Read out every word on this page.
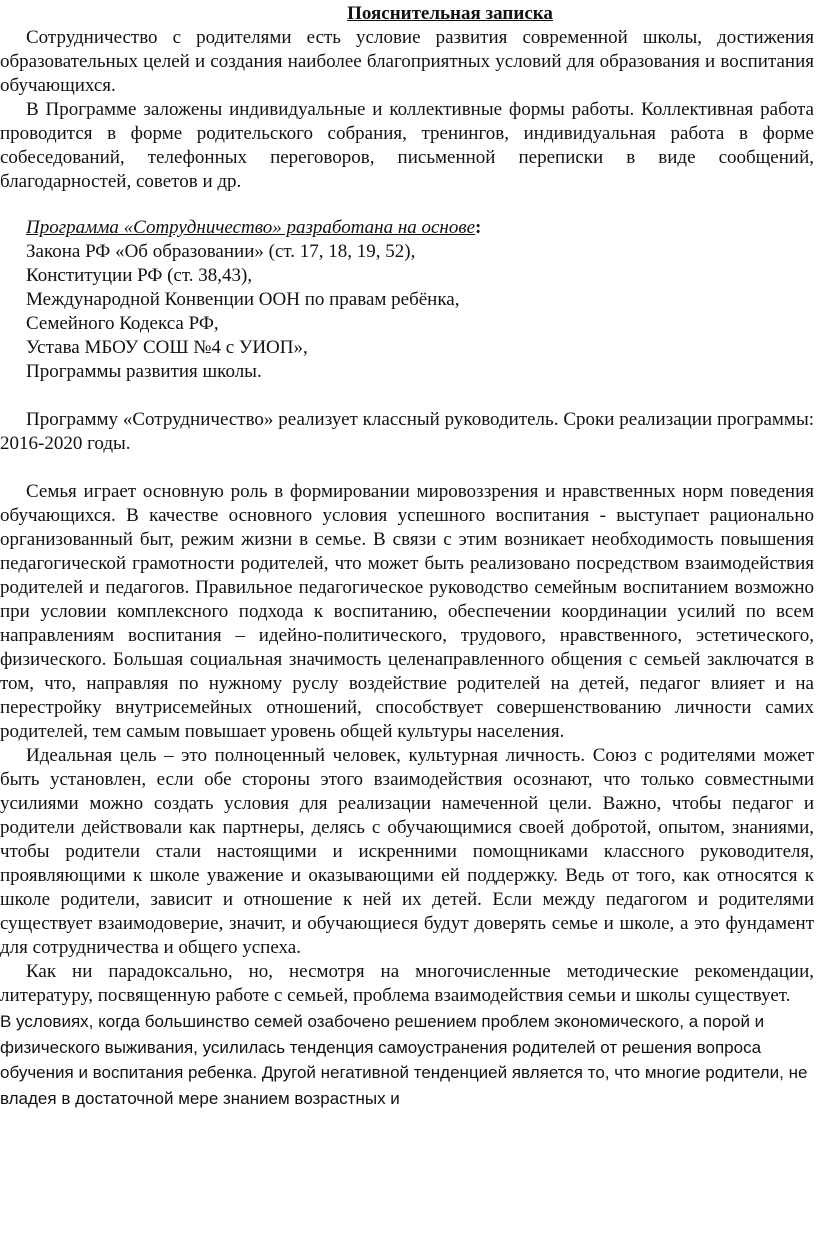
Пояснительная записка

Сотрудничество с родителями есть условие развития современной школы, достижения образовательных целей и создания наиболее благоприятных условий для образования и воспитания обучающихся.

В Программе заложены индивидуальные и коллективные формы работы. Коллективная работа проводится в форме родительского собрания, тренингов, индивидуальная работа в форме собеседований, телефонных переговоров, письменной переписки в виде сообщений, благодарностей, советов и др.

Программа «Сотрудничество» разработана на основе:

Закона РФ «Об образовании» (ст. 17, 18, 19, 52),
Конституции РФ (ст. 38,43),
Международной Конвенции ООН по правам ребёнка,
Семейного Кодекса РФ,
Устава МБОУ СОШ №4 с УИОП»,
Программы развития школы.

Программу «Сотрудничество» реализует классный руководитель. Сроки реализации программы: 2016-2020 годы.

Семья играет основную роль в формировании мировоззрения и нравственных норм поведения обучающихся. В качестве основного условия успешного воспитания - выступает рационально организованный быт, режим жизни в семье. В связи с этим возникает необходимость повышения педагогической грамотности родителей, что может быть реализовано посредством взаимодействия родителей и педагогов. Правильное педагогическое руководство семейным воспитанием возможно при условии комплексного подхода к воспитанию, обеспечении координации усилий по всем направлениям воспитания – идейно-политического, трудового, нравственного, эстетического, физического. Большая социальная значимость целенаправленного общения с семьей заключатся в том, что, направляя по нужному руслу воздействие родителей на детей, педагог влияет и на перестройку внутрисемейных отношений, способствует совершенствованию личности самих родителей, тем самым повышает уровень общей культуры населения.

Идеальная цель – это полноценный человек, культурная личность. Союз с родителями может быть установлен, если обе стороны этого взаимодействия осознают, что только совместными усилиями можно создать условия для реализации намеченной цели. Важно, чтобы педагог и родители действовали как партнеры, делясь с обучающимися своей добротой, опытом, знаниями, чтобы родители стали настоящими и искренними помощниками классного руководителя, проявляющими к школе уважение и оказывающими ей поддержку. Ведь от того, как относятся к школе родители, зависит и отношение к ней их детей. Если между педагогом и родителями существует взаимодоверие, значит, и обучающиеся будут доверять семье и школе, а это фундамент для сотрудничества и общего успеха.

Как ни парадоксально, но, несмотря на многочисленные методические рекомендации, литературу, посвященную работе с семьей, проблема взаимодействия семьи и школы существует.

В условиях, когда большинство семей озабочено решением проблем экономического, а порой и физического выживания, усилилась тенденция самоустранения родителей от решения вопроса обучения и воспитания ребенка. Другой негативной тенденцией является то, что многие родители, не владея в достаточной мере знанием возрастных и
